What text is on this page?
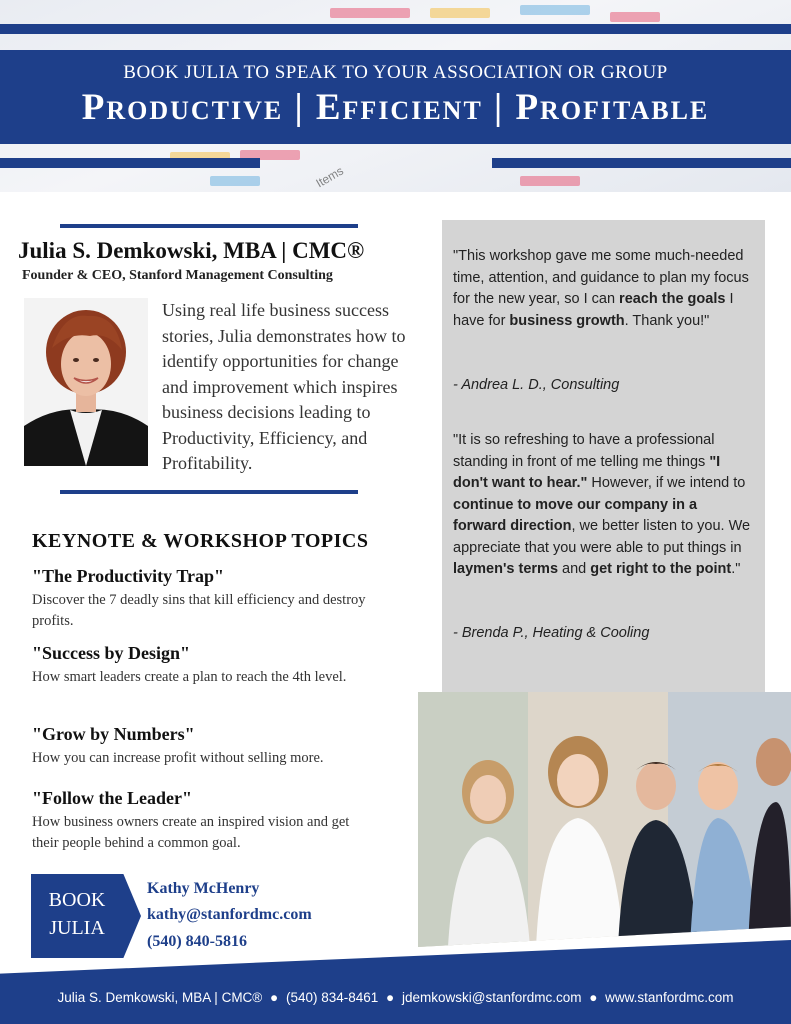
Items
BOOK JULIA TO SPEAK TO YOUR ASSOCIATION OR GROUP
Productive | Efficient | Profitable
Julia S. Demkowski, MBA | CMC®
Founder & CEO, Stanford Management Consulting
Using real life business success stories, Julia demonstrates how to identify opportunities for change and improvement which inspires business decisions leading to Productivity, Efficiency, and Profitability.
KEYNOTE & WORKSHOP TOPICS
"The Productivity Trap"
Discover the 7 deadly sins that kill efficiency and destroy profits.
"Success by Design"
How smart leaders create a plan to reach the 4th level.
"Grow by Numbers"
How you can increase profit without selling more.
"Follow the Leader"
How business owners create an inspired vision and get their people behind a common goal.
BOOK
JULIA
Kathy McHenry
kathy@stanfordmc.com
(540) 840-5816
"This workshop gave me some much-needed time, attention, and guidance to plan my focus for the new year, so I can reach the goals I have for business growth. Thank you!"
- Andrea L. D., Consulting
"It is so refreshing to have a professional standing in front of me telling me things "I don't want to hear." However, if we intend to continue to move our company in a forward direction, we better listen to you. We appreciate that you were able to put things in laymen's terms and get right to the point."
- Brenda P., Heating & Cooling
Julia S. Demkowski, MBA | CMC® ● (540) 834-8461 ● jdemkowski@stanfordmc.com ● www.stanfordmc.com
